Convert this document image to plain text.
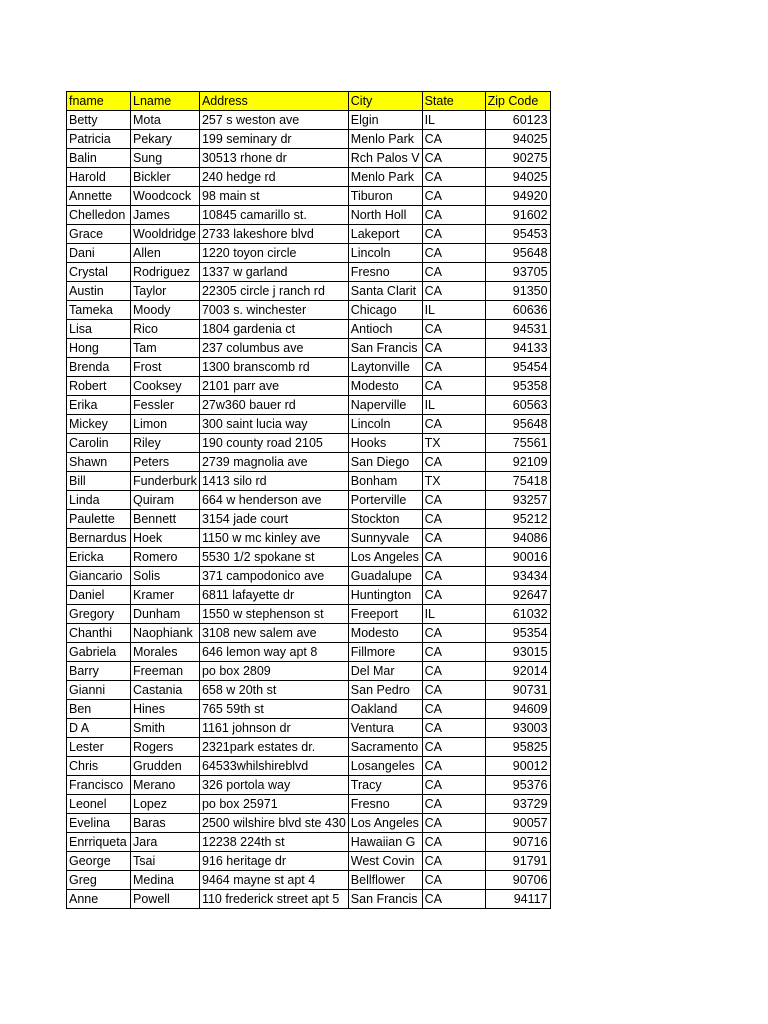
fname	Lname	Address	City	State	Zip Code
Betty	Mota	257 s weston ave	Elgin	IL	60123
Patricia	Pekary	199 seminary dr	Menlo Park	CA	94025
Balin	Sung	30513 rhone dr	Rch Palos V	CA	90275
Harold	Bickler	240 hedge rd	Menlo Park	CA	94025
Annette	Woodcock	98 main st	Tiburon	CA	94920
Chelledon	James	10845 camarillo st.	North Holl	CA	91602
Grace	Wooldridge	2733 lakeshore blvd	Lakeport	CA	95453
Dani	Allen	1220 toyon circle	Lincoln	CA	95648
Crystal	Rodriguez	1337 w garland	Fresno	CA	93705
Austin	Taylor	22305 circle j ranch rd	Santa Clarit	CA	91350
Tameka	Moody	7003 s. winchester	Chicago	IL	60636
Lisa	Rico	1804 gardenia ct	Antioch	CA	94531
Hong	Tam	237 columbus ave	San Francis	CA	94133
Brenda	Frost	1300 branscomb rd	Laytonville	CA	95454
Robert	Cooksey	2101 parr ave	Modesto	CA	95358
Erika	Fessler	27w360 bauer rd	Naperville	IL	60563
Mickey	Limon	300 saint lucia way	Lincoln	CA	95648
Carolin	Riley	190 county road 2105	Hooks	TX	75561
Shawn	Peters	2739 magnolia ave	San Diego	CA	92109
Bill	Funderburk	1413 silo rd	Bonham	TX	75418
Linda	Quiram	664 w henderson ave	Porterville	CA	93257
Paulette	Bennett	3154 jade court	Stockton	CA	95212
Bernardus	Hoek	1150 w mc kinley ave	Sunnyvale	CA	94086
Ericka	Romero	5530 1/2 spokane st	Los Angeles	CA	90016
Giancario	Solis	371 campodonico ave	Guadalupe	CA	93434
Daniel	Kramer	6811 lafayette dr	Huntington	CA	92647
Gregory	Dunham	1550 w stephenson st	Freeport	IL	61032
Chanthi	Naophiank	3108 new salem ave	Modesto	CA	95354
Gabriela	Morales	646 lemon way apt 8	Fillmore	CA	93015
Barry	Freeman	po box 2809	Del Mar	CA	92014
Gianni	Castania	658 w 20th st	San Pedro	CA	90731
Ben	Hines	765 59th st	Oakland	CA	94609
D A	Smith	1161 johnson dr	Ventura	CA	93003
Lester	Rogers	2321park estates dr.	Sacramento	CA	95825
Chris	Grudden	64533whilshireblvd	Losangeles	CA	90012
Francisco	Merano	326 portola way	Tracy	CA	95376
Leonel	Lopez	po box 25971	Fresno	CA	93729
Evelina	Baras	2500 wilshire blvd ste 430	Los Angeles	CA	90057
Enrriqueta	Jara	12238 224th st	Hawaiian G	CA	90716
George	Tsai	916 heritage dr	West Covin	CA	91791
Greg	Medina	9464 mayne st apt 4	Bellflower	CA	90706
Anne	Powell	110 frederick street apt 5	San Francis	CA	94117
